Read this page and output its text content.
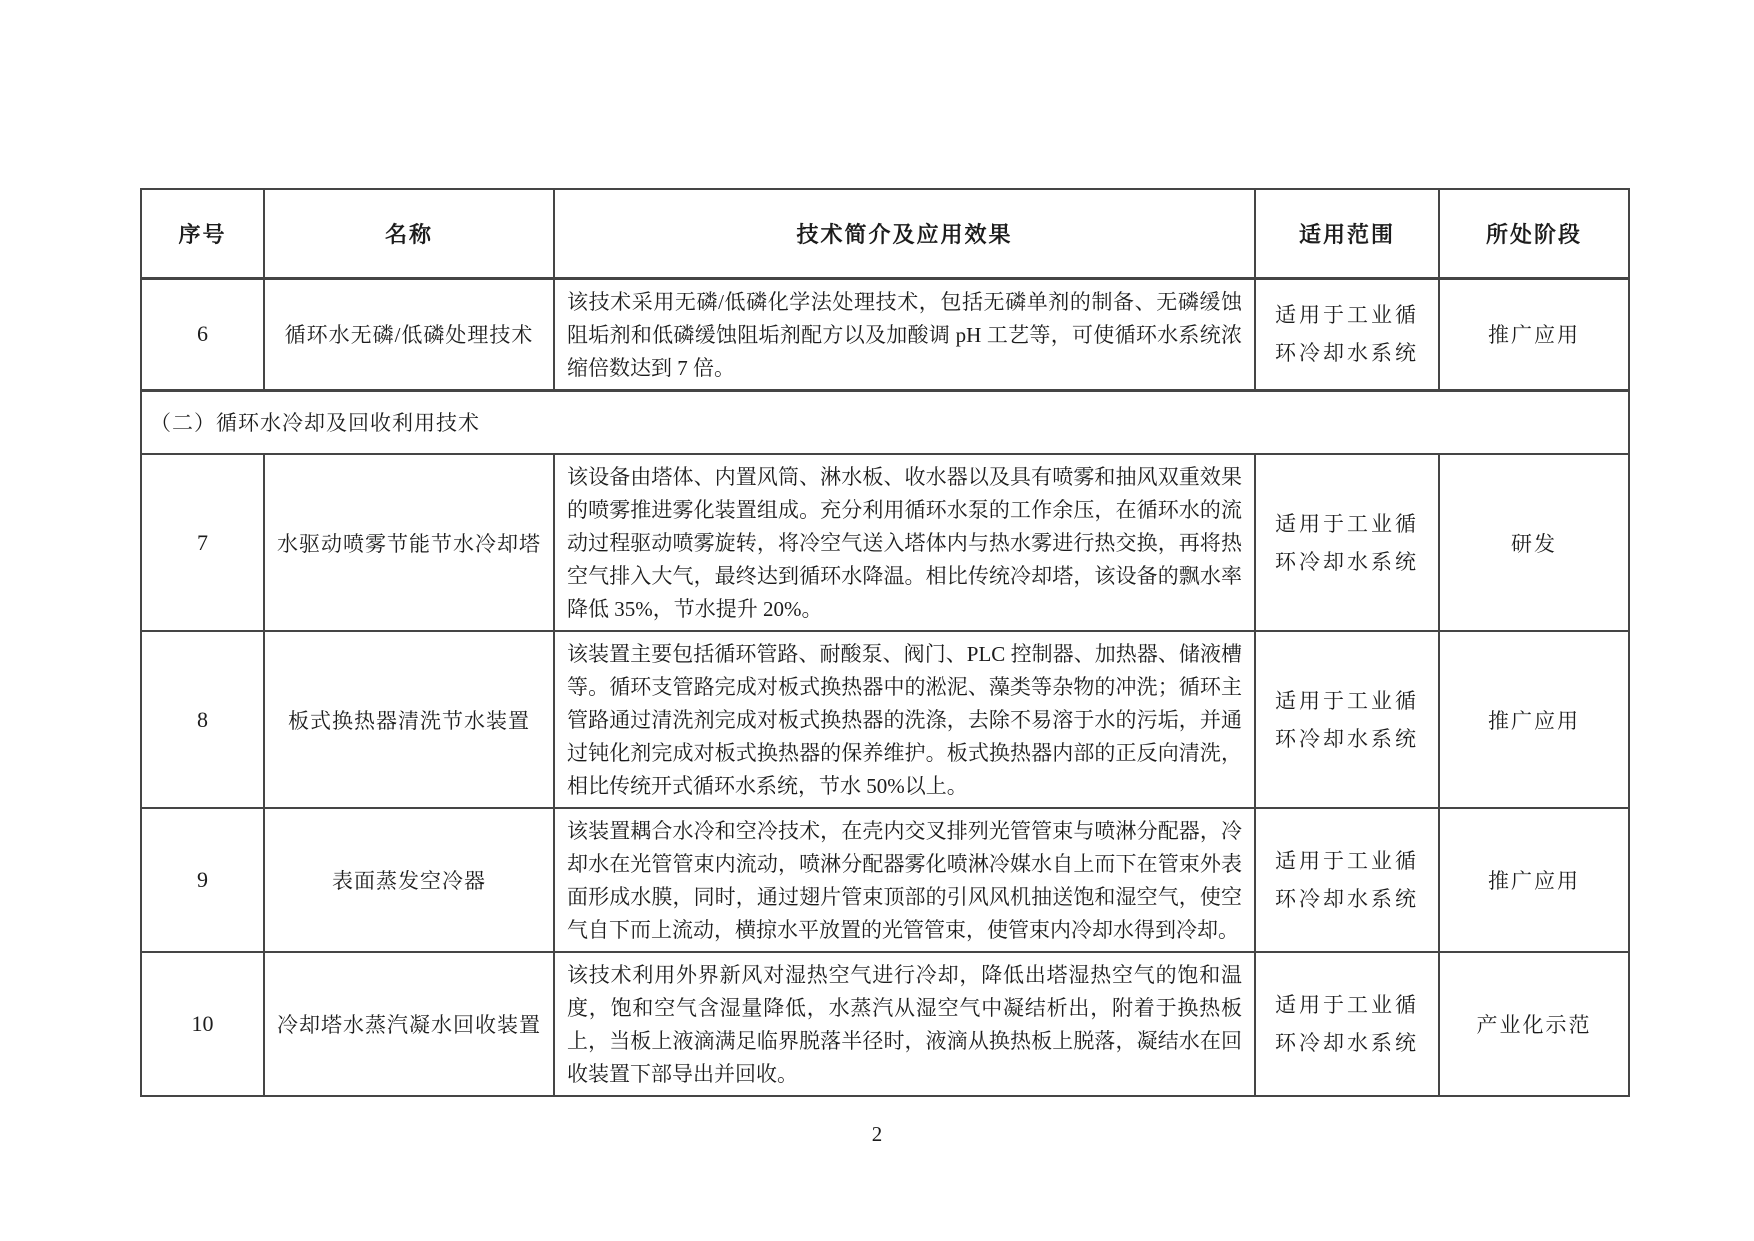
序号	名称	技术简介及应用效果	适用范围	所处阶段
6	循环水无磷/低磷处理技术	该技术采用无磷/低磷化学法处理技术，包括无磷单剂的制备、无磷缓蚀阻垢剂和低磷缓蚀阻垢剂配方以及加酸调 pH 工艺等，可使循环水系统浓缩倍数达到 7 倍。	适用于工业循环冷却水系统	推广应用
（二）循环水冷却及回收利用技术				
7	水驱动喷雾节能节水冷却塔	该设备由塔体、内置风筒、淋水板、收水器以及具有喷雾和抽风双重效果的喷雾推进雾化装置组成。充分利用循环水泵的工作余压，在循环水的流动过程驱动喷雾旋转，将冷空气送入塔体内与热水雾进行热交换，再将热空气排入大气，最终达到循环水降温。相比传统冷却塔，该设备的飘水率降低 35%，节水提升 20%。	适用于工业循环冷却水系统	研发
8	板式换热器清洗节水装置	该装置主要包括循环管路、耐酸泵、阀门、PLC 控制器、加热器、储液槽等。循环支管路完成对板式换热器中的淞泥、藻类等杂物的冲洗；循环主管路通过清洗剂完成对板式换热器的洗涤，去除不易溶于水的污垢，并通过钝化剂完成对板式换热器的保养维护。板式换热器内部的正反向清洗，相比传统开式循环水系统，节水 50%以上。	适用于工业循环冷却水系统	推广应用
9	表面蒸发空冷器	该装置耦合水冷和空冷技术，在壳内交叉排列光管管束与喷淋分配器，冷却水在光管管束内流动，喷淋分配器雾化喷淋冷媒水自上而下在管束外表面形成水膜，同时，通过翅片管束顶部的引风风机抽送饱和湿空气，使空气自下而上流动，横掠水平放置的光管管束，使管束内冷却水得到冷却。	适用于工业循环冷却水系统	推广应用
10	冷却塔水蒸汽凝水回收装置	该技术利用外界新风对湿热空气进行冷却，降低出塔湿热空气的饱和温度，饱和空气含湿量降低，水蒸汽从湿空气中凝结析出，附着于换热板上，当板上液滴满足临界脱落半径时，液滴从换热板上脱落，凝结水在回收装置下部导出并回收。	适用于工业循环冷却水系统	产业化示范
2
